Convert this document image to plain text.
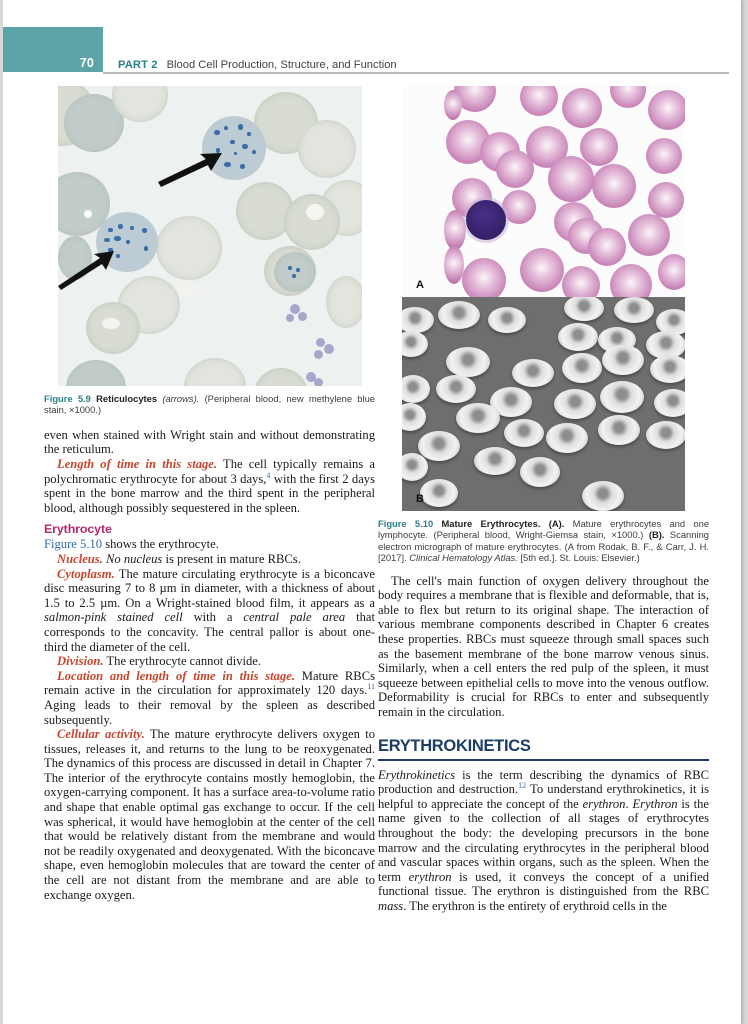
70 PART 2 Blood Cell Production, Structure, and Function

Figure 5.9 Reticulocytes (arrows). (Peripheral blood, new methylene blue stain, ×1000.)

even when stained with Wright stain and without demonstrating the reticulum.

Length of time in this stage. The cell typically remains a polychromatic erythrocyte for about 3 days,$^4$ with the first 2 days spent in the bone marrow and the third spent in the peripheral blood, although possibly sequestered in the spleen.

Erythrocyte

Figure 5.10 shows the erythrocyte.

Nucleus. No nucleus is present in mature RBCs.

Cytoplasm. The mature circulating erythrocyte is a biconcave disc measuring 7 to 8 µm in diameter, with a thickness of about 1.5 to 2.5 µm. On a Wright-stained blood film, it appears as a salmon-pink stained cell with a central pale area that corresponds to the concavity. The central pallor is about one-third the diameter of the cell.

Division. The erythrocyte cannot divide.

Location and length of time in this stage. Mature RBCs remain active in the circulation for approximately 120 days.$^{11}$ Aging leads to their removal by the spleen as described subsequently.

Cellular activity. The mature erythrocyte delivers oxygen to tissues, releases it, and returns to the lung to be reoxygenated. The dynamics of this process are discussed in detail in Chapter 7. The interior of the erythrocyte contains mostly hemoglobin, the oxygen-carrying component. It has a surface area-to-volume ratio and shape that enable optimal gas exchange to occur. If the cell was spherical, it would have hemoglobin at the center of the cell that would be relatively distant from the membrane and would not be readily oxygenated and deoxygenated. With the biconcave shape, even hemoglobin molecules that are toward the center of the cell are not distant from the membrane and are able to exchange oxygen.

A
B

Figure 5.10 Mature Erythrocytes. (A). Mature erythrocytes and one lymphocyte. (Peripheral blood, Wright-Giemsa stain, ×1000.) (B). Scanning electron micrograph of mature erythrocytes. (A from Rodak, B. F., & Carr, J. H. [2017]. Clinical Hematology Atlas. [5th ed.]. St. Louis: Elsevier.)

The cell's main function of oxygen delivery throughout the body requires a membrane that is flexible and deformable, that is, able to flex but return to its original shape. The interaction of various membrane components described in Chapter 6 creates these properties. RBCs must squeeze through small spaces such as the basement membrane of the bone marrow venous sinus. Similarly, when a cell enters the red pulp of the spleen, it must squeeze between epithelial cells to move into the venous outflow. Deformability is crucial for RBCs to enter and subsequently remain in the circulation.

ERYTHROKINETICS

Erythrokinetics is the term describing the dynamics of RBC production and destruction.$^{12}$ To understand erythrokinetics, it is helpful to appreciate the concept of the erythron. Erythron is the name given to the collection of all stages of erythrocytes throughout the body: the developing precursors in the bone marrow and the circulating erythrocytes in the peripheral blood and vascular spaces within organs, such as the spleen. When the term erythron is used, it conveys the concept of a unified functional tissue. The erythron is distinguished from the RBC mass. The erythron is the entirety of erythroid cells in the
